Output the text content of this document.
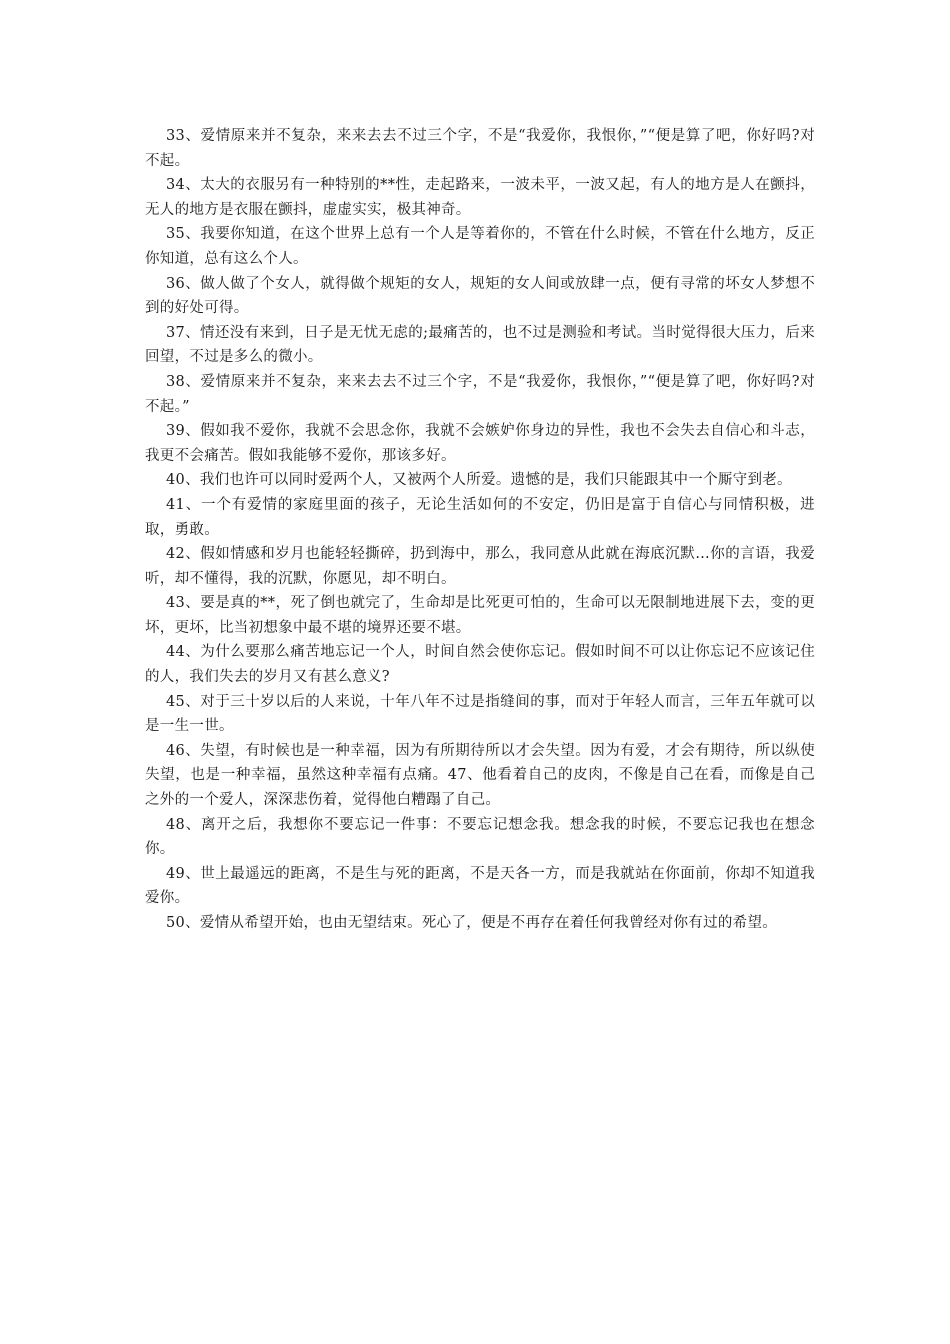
33、爱情原来并不复杂，来来去去不过三个字，不是“我爱你，我恨你，”“便是算了吧，你好吗?对不起。

34、太大的衣服另有一种特别的**性，走起路来，一波未平，一波又起，有人的地方是人在颤抖，无人的地方是衣服在颤抖，虚虚实实，极其神奇。

35、我要你知道，在这个世界上总有一个人是等着你的，不管在什么时候，不管在什么地方，反正你知道，总有这么个人。

36、做人做了个女人，就得做个规矩的女人，规矩的女人间或放肆一点，便有寻常的坏女人梦想不到的好处可得。

37、情还没有来到，日子是无忧无虑的;最痛苦的，也不过是测验和考试。当时觉得很大压力，后来回望，不过是多么的微小。

38、爱情原来并不复杂，来来去去不过三个字，不是“我爱你，我恨你，”“便是算了吧，你好吗?对不起。”

39、假如我不爱你，我就不会思念你，我就不会嫉妒你身边的异性，我也不会失去自信心和斗志，我更不会痛苦。假如我能够不爱你，那该多好。

40、我们也许可以同时爱两个人，又被两个人所爱。遗憾的是，我们只能跟其中一个厮守到老。

41、一个有爱情的家庭里面的孩子，无论生活如何的不安定，仍旧是富于自信心与同情积极，进取，勇敢。

42、假如情感和岁月也能轻轻撕碎，扔到海中，那么，我同意从此就在海底沉默…你的言语，我爱听，却不懂得，我的沉默，你愿见，却不明白。

43、要是真的**，死了倒也就完了，生命却是比死更可怕的，生命可以无限制地进展下去，变的更坏，更坏，比当初想象中最不堪的境界还要不堪。

44、为什么要那么痛苦地忘记一个人，时间自然会使你忘记。假如时间不可以让你忘记不应该记住的人，我们失去的岁月又有甚么意义?

45、对于三十岁以后的人来说，十年八年不过是指缝间的事，而对于年轻人而言，三年五年就可以是一生一世。

46、失望，有时候也是一种幸福，因为有所期待所以才会失望。因为有爱，才会有期待，所以纵使失望，也是一种幸福，虽然这种幸福有点痛。47、他看着自己的皮肉，不像是自己在看，而像是自己之外的一个爱人，深深悲伤着，觉得他白糟蹋了自己。

48、离开之后，我想你不要忘记一件事：不要忘记想念我。想念我的时候，不要忘记我也在想念你。

49、世上最遥远的距离，不是生与死的距离，不是天各一方，而是我就站在你面前，你却不知道我爱你。

50、爱情从希望开始，也由无望结束。死心了，便是不再存在着任何我曾经对你有过的希望。
